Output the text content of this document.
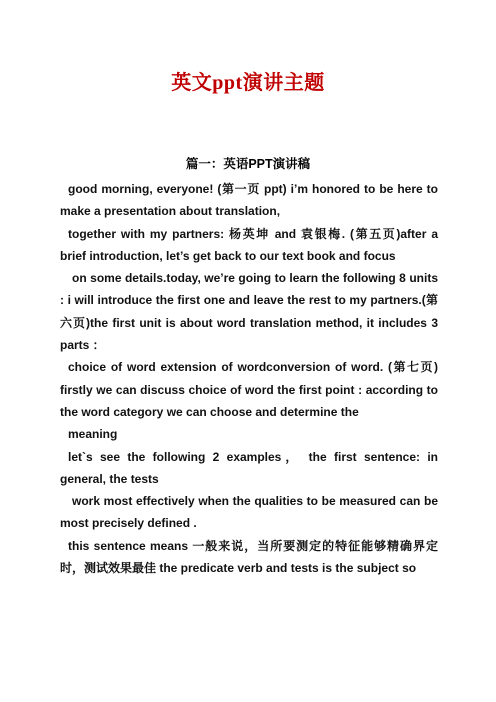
英文ppt演讲主题
篇一：英语PPT演讲稿

good morning, everyone! (第一页 ppt) i’m honored to be here to make a presentation about translation,

together with my partners: 杨英坤 and 袁银梅. (第五页)after a brief introduction, let’s get back to our text book and focus

on some details.today, we’re going to learn the following 8 units : i will introduce the first one and leave the rest to my partners.(第六页)the first unit is about word translation method, it includes 3 parts ：

choice of word extension of wordconversion of word. (第七页) firstly we can discuss choice of word the first point : according to the word category we can choose and determine the

meaning

let`s see the following 2 examples， the first sentence: in general, the tests

work most effectively when the qualities to be measured can be most precisely defined .

this sentence means 一般来说，当所要测定的特征能够精确界定时，测试效果最佳 the predicate verb and tests is the subject so
